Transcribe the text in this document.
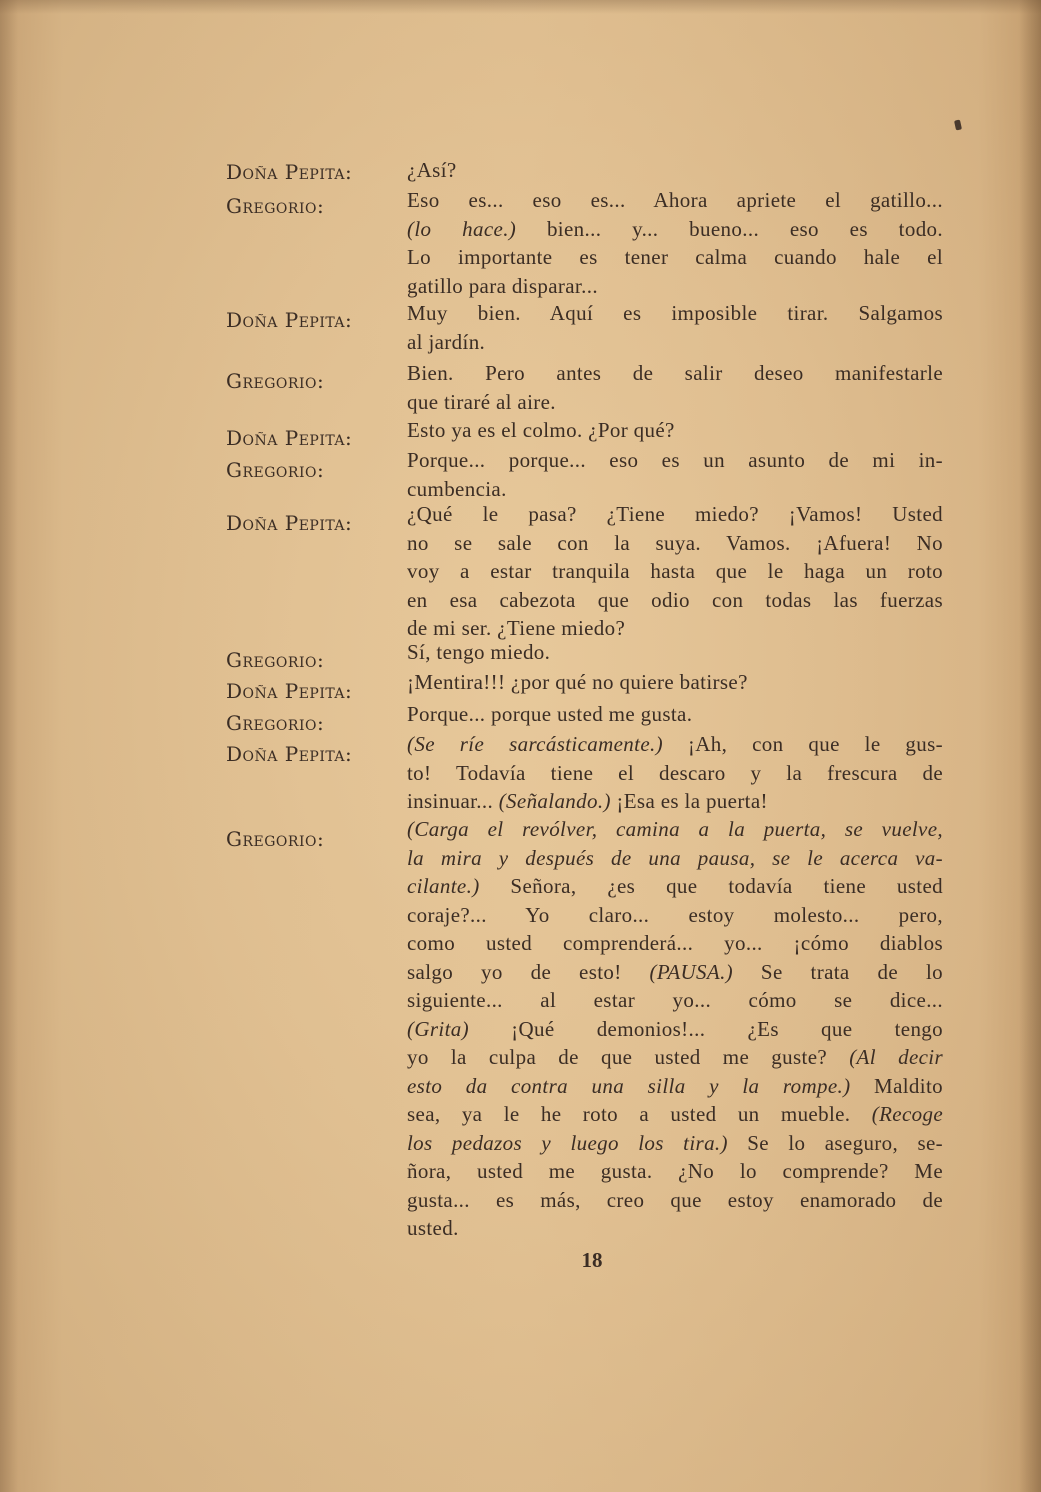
Doña Pepita:	¿Así?
Gregorio:	Eso es... eso es... Ahora apriete el gatillo...
(lo hace.) bien... y... bueno... eso es todo.
Lo importante es tener calma cuando hale el
gatillo para disparar...
Doña Pepita:	Muy bien. Aquí es imposible tirar. Salgamos
al jardín.
Gregorio:	Bien. Pero antes de salir deseo manifestarle
que tiraré al aire.
Doña Pepita:	Esto ya es el colmo. ¿Por qué?
Gregorio:	Porque... porque... eso es un asunto de mi in-
cumbencia.
Doña Pepita:	¿Qué le pasa? ¿Tiene miedo? ¡Vamos! Usted
no se sale con la suya. Vamos. ¡Afuera! No
voy a estar tranquila hasta que le haga un roto
en esa cabezota que odio con todas las fuerzas
de mi ser. ¿Tiene miedo?
Gregorio:	Sí, tengo miedo.
Doña Pepita:	¡Mentira!!! ¿por qué no quiere batirse?
Gregorio:	Porque... porque usted me gusta.
Doña Pepita:	(Se ríe sarcásticamente.) ¡Ah, con que le gus-
to! Todavía tiene el descaro y la frescura de
insinuar... (Señalando.) ¡Esa es la puerta!
Gregorio:	(Carga el revólver, camina a la puerta, se vuelve,
la mira y después de una pausa, se le acerca va-
cilante.) Señora, ¿es que todavía tiene usted
coraje?... Yo claro... estoy molesto... pero,
como usted comprenderá... yo... ¡cómo diablos
salgo yo de esto! (PAUSA.) Se trata de lo
siguiente... al estar yo... cómo se dice...
(Grita) ¡Qué demonios!... ¿Es que tengo
yo la culpa de que usted me guste? (Al decir
esto da contra una silla y la rompe.) Maldito
sea, ya le he roto a usted un mueble. (Recoge
los pedazos y luego los tira.) Se lo aseguro, se-
ñora, usted me gusta. ¿No lo comprende? Me
gusta... es más, creo que estoy enamorado de
usted.
18
